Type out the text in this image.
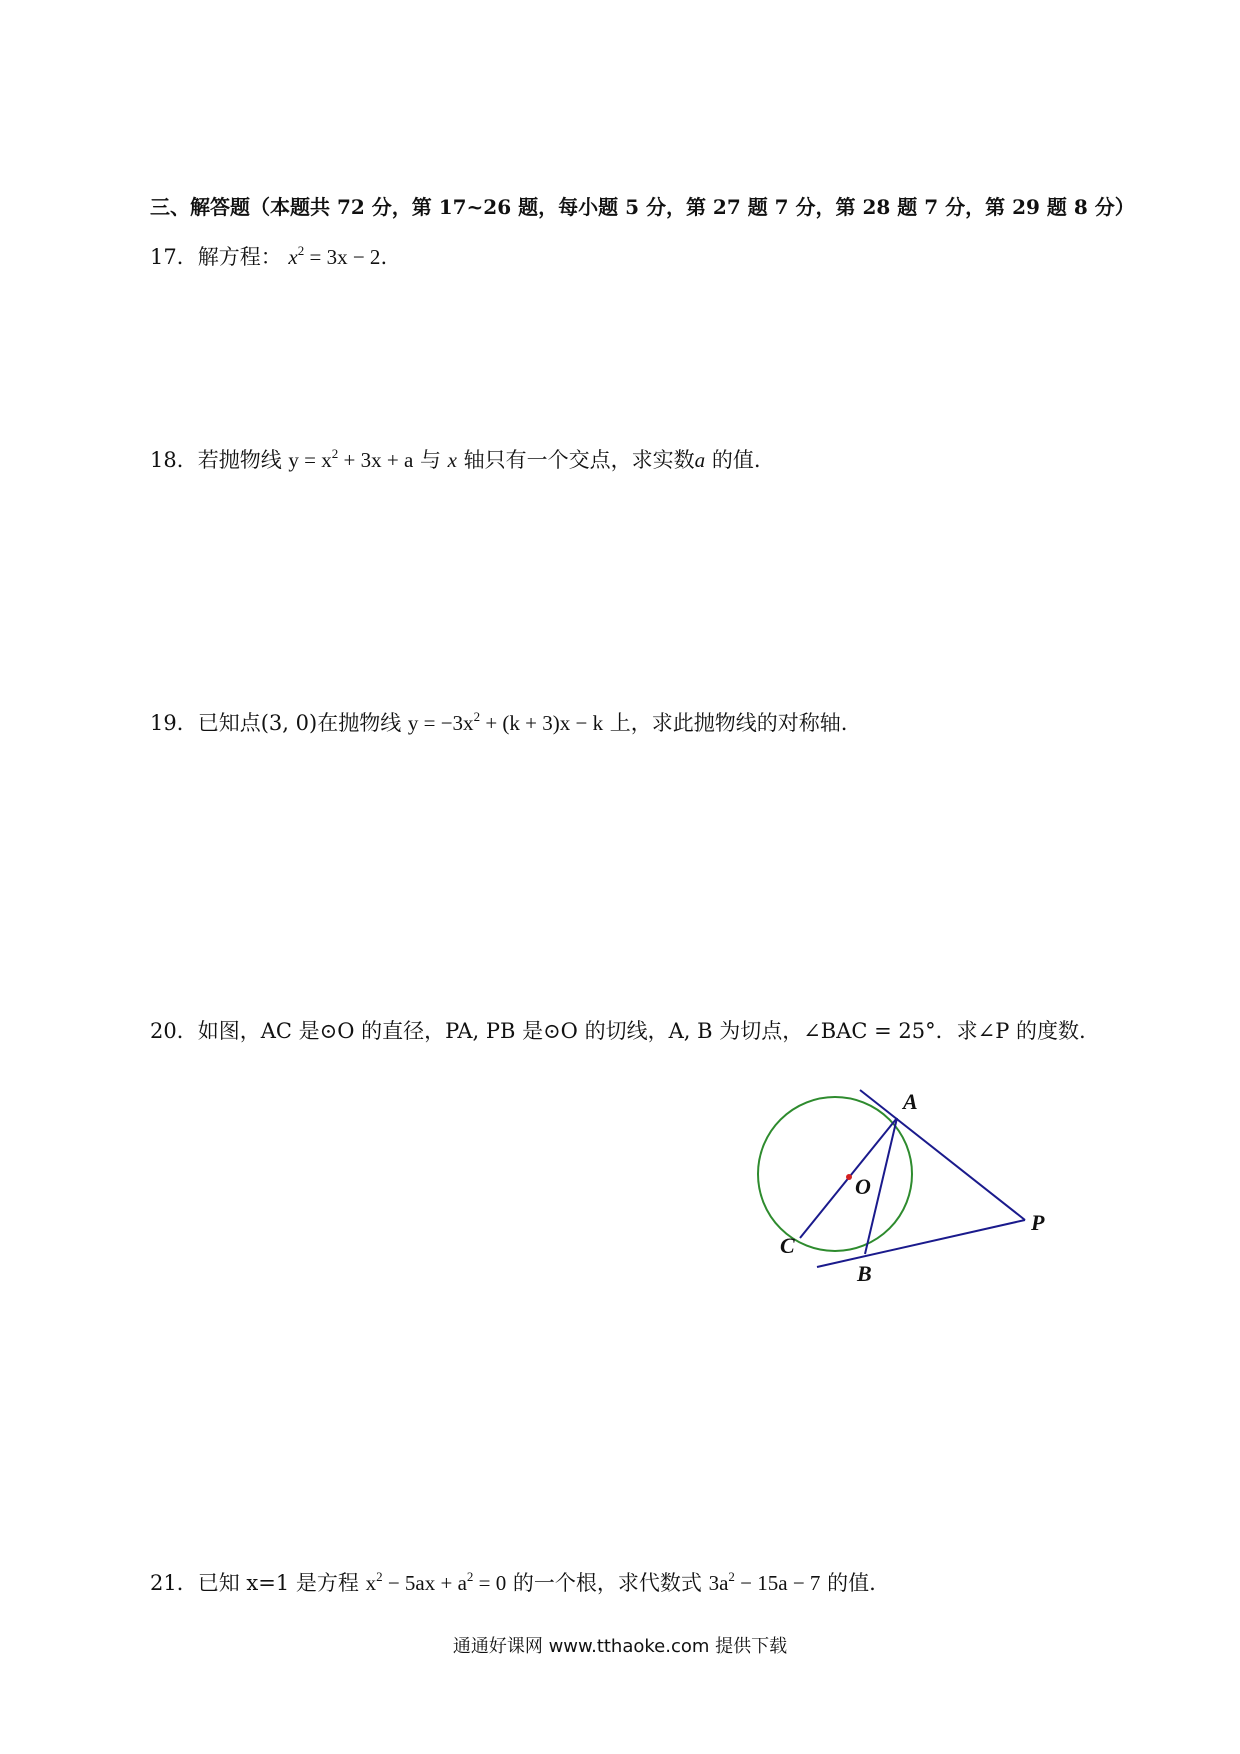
三、解答题（本题共 72 分，第 17~26 题，每小题 5 分，第 27 题 7 分，第 28 题 7 分，第 29 题 8 分）
17．解方程： $x^2 = 3x - 2$.
18．若抛物线 $y = x^2 + 3x + a$ 与 x 轴只有一个交点，求实数a 的值.
19．已知点(3, 0)在抛物线 $y = -3x^2 + (k + 3)x - k$ 上，求此抛物线的对称轴.
20．如图，AC 是⊙O 的直径，PA, PB 是⊙O 的切线，A, B 为切点，∠BAC = 25°．求∠P 的度数.
A
O
P
C
B
21．已知 x=1 是方程 $x^2 - 5ax + a^2 = 0$ 的一个根，求代数式 $3a^2 - 15a - 7$ 的值.
通通好课网 www.tthaoke.com 提供下载
